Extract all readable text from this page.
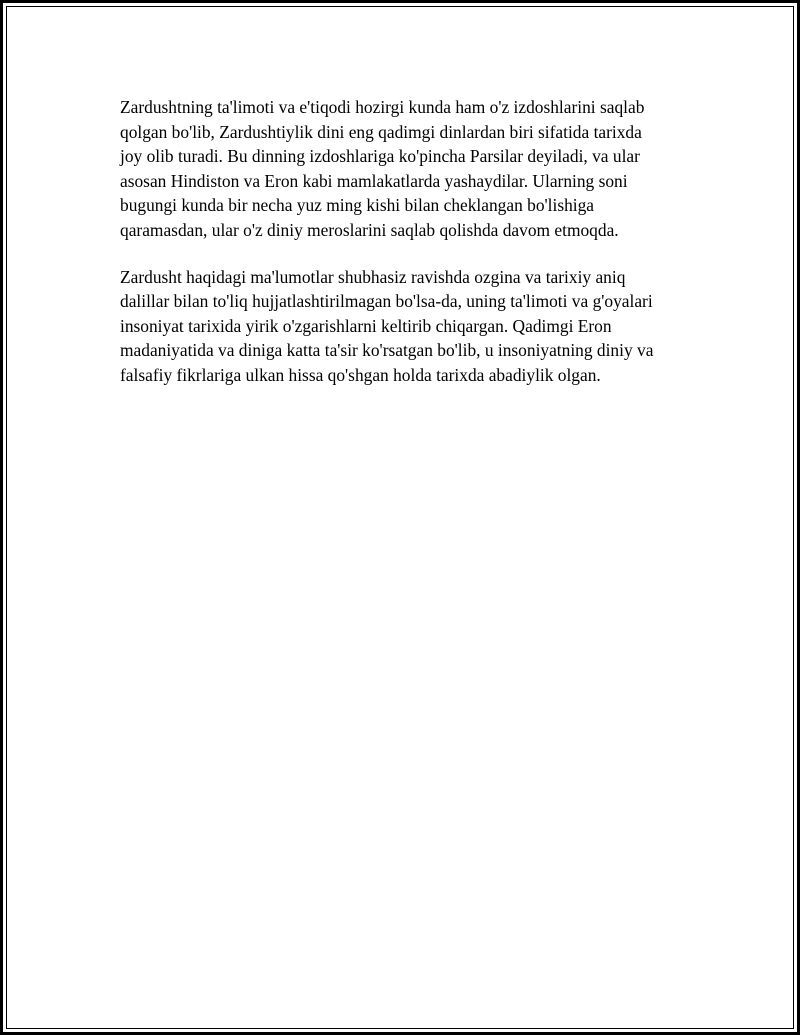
Zardushtning ta'limoti va e'tiqodi hozirgi kunda ham o'z izdoshlarini saqlab
qolgan bo'lib, Zardushtiylik dini eng qadimgi dinlardan biri sifatida tarixda
joy olib turadi. Bu dinning izdoshlariga ko'pincha Parsilar deyiladi, va ular
asosan Hindiston va Eron kabi mamlakatlarda yashaydilar. Ularning soni
bugungi kunda bir necha yuz ming kishi bilan cheklangan bo'lishiga
qaramasdan, ular o'z diniy meroslarini saqlab qolishda davom etmoqda.

Zardusht haqidagi ma'lumotlar shubhasiz ravishda ozgina va tarixiy aniq
dalillar bilan to'liq hujjatlashtirilmagan bo'lsa-da, uning ta'limoti va g'oyalari
insoniyat tarixida yirik o'zgarishlarni keltirib chiqargan. Qadimgi Eron
madaniyatida va diniga katta ta'sir ko'rsatgan bo'lib, u insoniyatning diniy va
falsafiy fikrlariga ulkan hissa qo'shgan holda tarixda abadiylik olgan.
